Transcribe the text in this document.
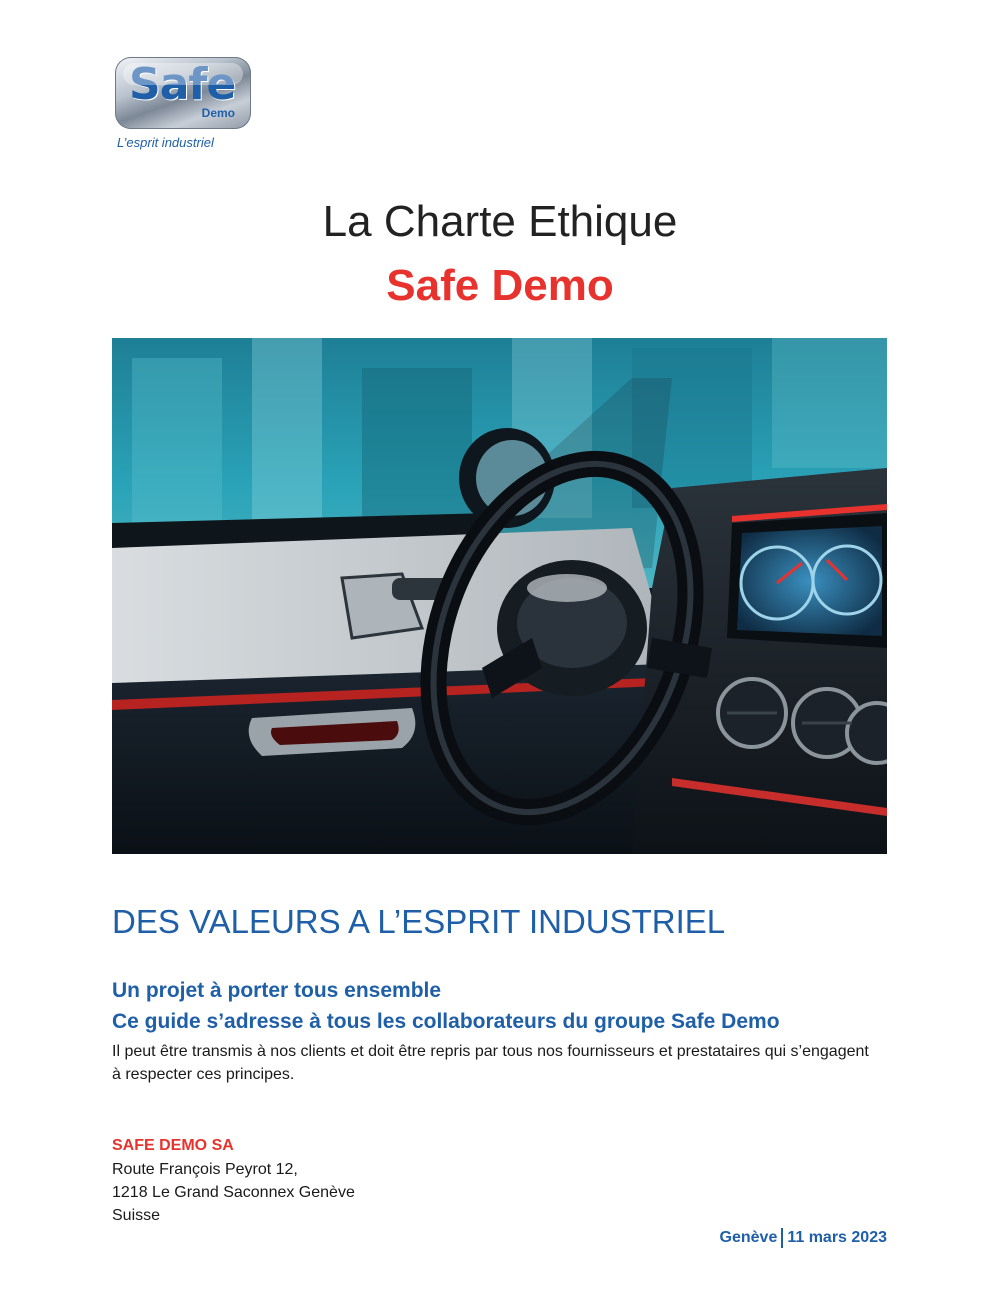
Safe
Demo
L’esprit industriel
La Charte Ethique
Safe Demo
DES VALEURS A L’ESPRIT INDUSTRIEL
Un projet à porter tous ensemble
Ce guide s’adresse à tous les collaborateurs du groupe Safe Demo
Il peut être transmis à nos clients et doit être repris par tous nos fournisseurs et prestataires qui s’engagent à respecter ces principes.
SAFE DEMO SA
Route François Peyrot 12,
1218 Le Grand Saconnex Genève
Suisse
Genève 11 mars 2023
